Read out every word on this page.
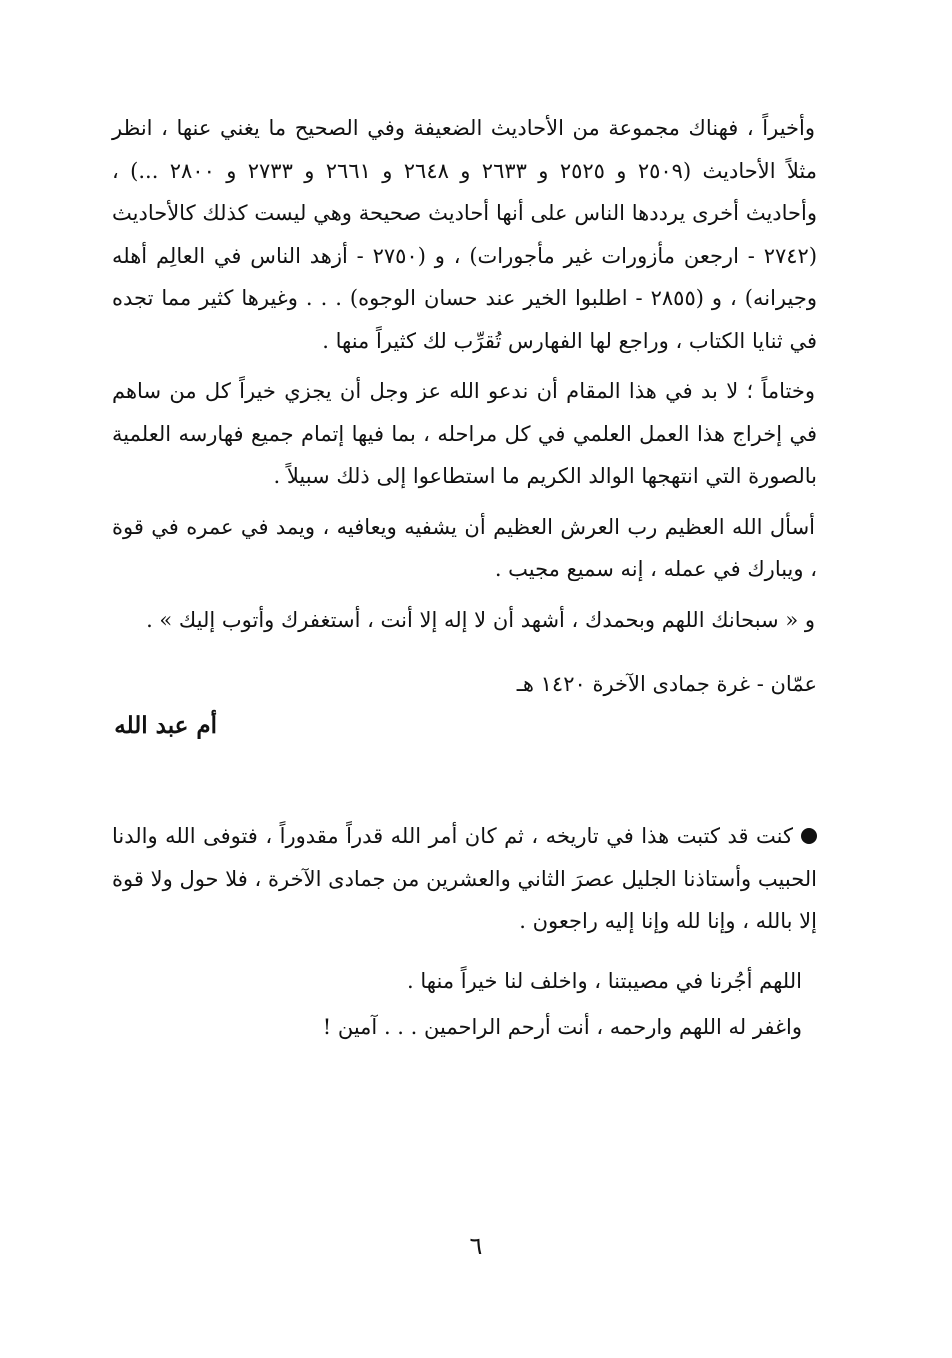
وأخيراً ، فهناك مجموعة من الأحاديث الضعيفة وفي الصحيح ما يغني عنها ، انظر مثلاً الأحاديث (٢٥٠٩ و ٢٥٢٥ و ٢٦٣٣ و ٢٦٤٨ و ٢٦٦١ و ٢٧٣٣ و ٢٨٠٠ ...) ، وأحاديث أخرى يرددها الناس على أنها أحاديث صحيحة وهي ليست كذلك كالأحاديث (٢٧٤٢ - ارجعن مأزورات غير مأجورات) ، و (٢٧٥٠ - أزهد الناس في العالِم أهله وجيرانه) ، و (٢٨٥٥ - اطلبوا الخير عند حسان الوجوه) . . . وغيرها كثير مما تجده في ثنايا الكتاب ، وراجع لها الفهارس تُقرِّب لك كثيراً منها .

وختاماً ؛ لا بد في هذا المقام أن ندعو الله عز وجل أن يجزي خيراً كل من ساهم في إخراج هذا العمل العلمي في كل مراحله ، بما فيها إتمام جميع فهارسه العلمية بالصورة التي انتهجها الوالد الكريم ما استطاعوا إلى ذلك سبيلاً .

أسأل الله العظيم رب العرش العظيم أن يشفيه ويعافيه ، ويمد في عمره في قوة ، ويبارك في عمله ، إنه سميع مجيب .

و « سبحانك اللهم وبحمدك ، أشهد أن لا إله إلا أنت ، أستغفرك وأتوب إليك » .

عمّان - غرة جمادى الآخرة ١٤٢٠ هـ
أم عبد الله

كنت قد كتبت هذا في تاريخه ، ثم كان أمر الله قدراً مقدوراً ، فتوفى الله والدنا الحبيب وأستاذنا الجليل عصرَ الثاني والعشرين من جمادى الآخرة ، فلا حول ولا قوة إلا بالله ، وإنا لله وإنا إليه راجعون .

اللهم أجُرنا في مصيبتنا ، واخلف لنا خيراً منها .

واغفر له اللهم وارحمه ، أنت أرحم الراحمين . . . آمين !

٦
